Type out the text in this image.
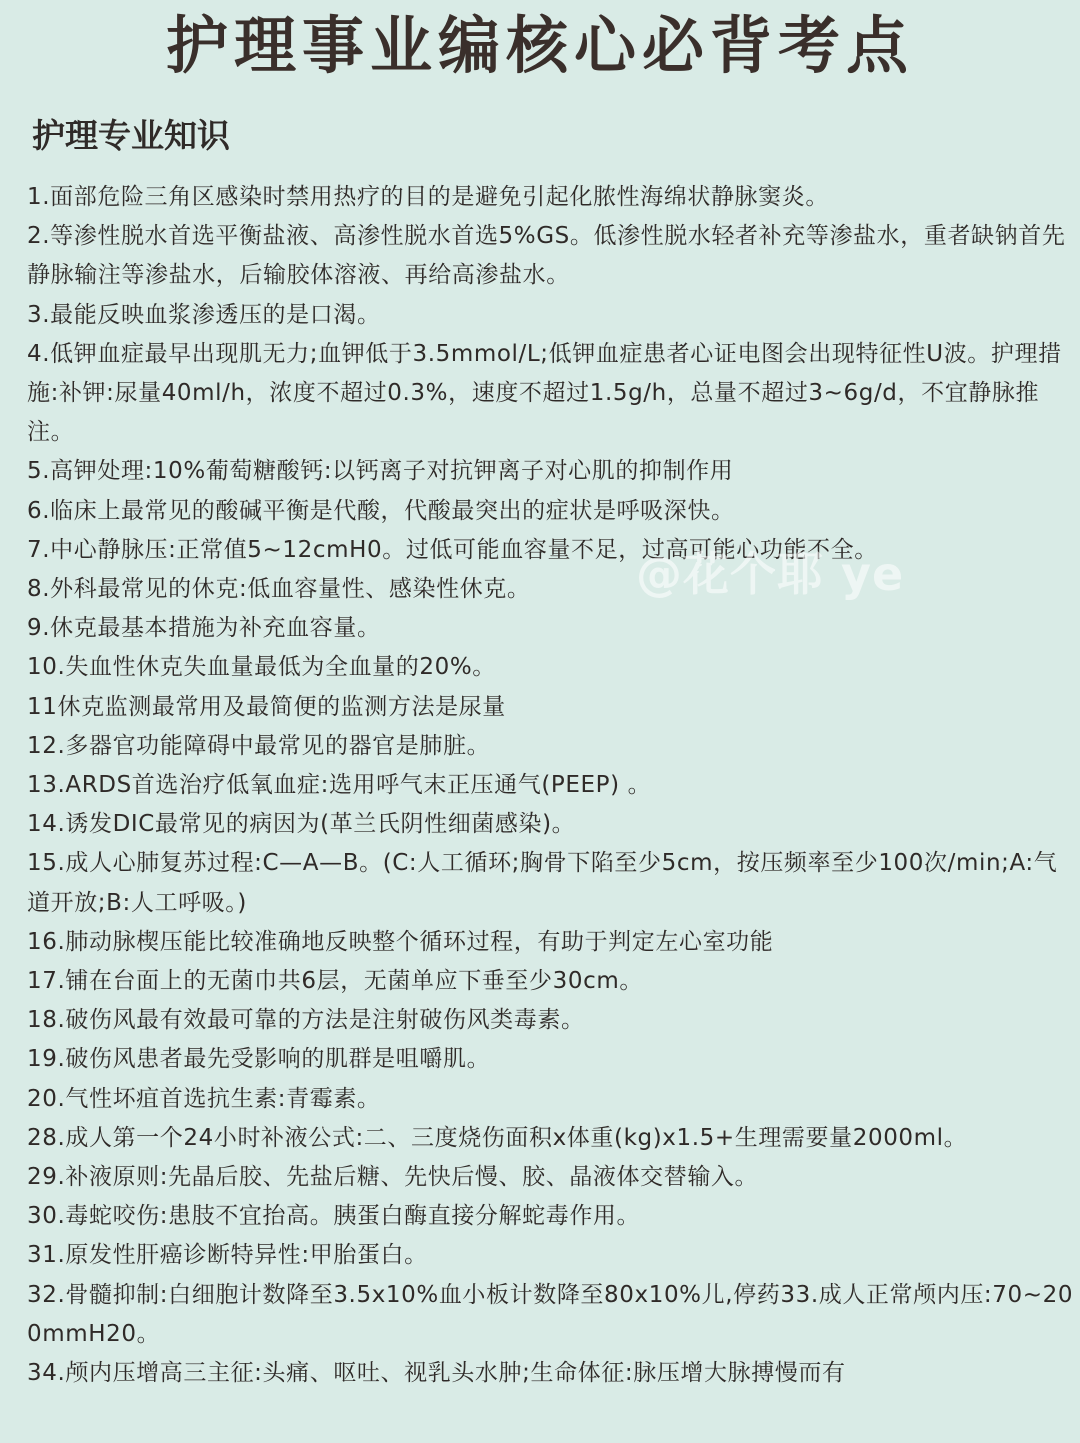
护理事业编核心必背考点
护理专业知识

1.面部危险三角区感染时禁用热疗的目的是避免引起化脓性海绵状静脉窦炎。

2.等渗性脱水首选平衡盐液、高渗性脱水首选5%GS。低渗性脱水轻者补充等渗盐水，重者缺钠首先静脉输注等渗盐水，后输胶体溶液、再给高渗盐水。

3.最能反映血浆渗透压的是口渴。

4.低钾血症最早出现肌无力;血钾低于3.5mmol/L;低钾血症患者心证电图会出现特征性U波。护理措施:补钾:尿量40ml/h，浓度不超过0.3%，速度不超过1.5g/h，总量不超过3~6g/d，不宜静脉推注。

5.高钾处理:10%葡萄糖酸钙:以钙离子对抗钾离子对心肌的抑制作用

6.临床上最常见的酸碱平衡是代酸，代酸最突出的症状是呼吸深快。

7.中心静脉压:正常值5~12cmH0。过低可能血容量不足，过高可能心功能不全。

8.外科最常见的休克:低血容量性、感染性休克。

9.休克最基本措施为补充血容量。

10.失血性休克失血量最低为全血量的20%。

11休克监测最常用及最简便的监测方法是尿量

12.多器官功能障碍中最常见的器官是肺脏。

13.ARDS首选治疗低氧血症:选用呼气末正压通气(PEEP) 。

14.诱发DIC最常见的病因为(革兰氏阴性细菌感染)。

15.成人心肺复苏过程:C—A—B。(C:人工循环;胸骨下陷至少5cm，按压频率至少100次/min;A:气道开放;B:人工呼吸。)

16.肺动脉楔压能比较准确地反映整个循环过程，有助于判定左心室功能

17.铺在台面上的无菌巾共6层，无菌单应下垂至少30cm。

18.破伤风最有效最可靠的方法是注射破伤风类毒素。

19.破伤风患者最先受影响的肌群是咀嚼肌。

20.气性坏疽首选抗生素:青霉素。

28.成人第一个24小时补液公式:二、三度烧伤面积x体重(kg)x1.5+生理需要量2000ml。

29.补液原则:先晶后胶、先盐后糖、先快后慢、胶、晶液体交替输入。

30.毒蛇咬伤:患肢不宜抬高。胰蛋白酶直接分解蛇毒作用。

31.原发性肝癌诊断特异性:甲胎蛋白。

32.骨髓抑制:白细胞计数降至3.5x10%血小板计数降至80x10%儿,停药33.成人正常颅内压:70~200mmH20。

34.颅内压增高三主征:头痛、呕吐、视乳头水肿;生命体征:脉压增大脉搏慢而有

@花个耶 ye
